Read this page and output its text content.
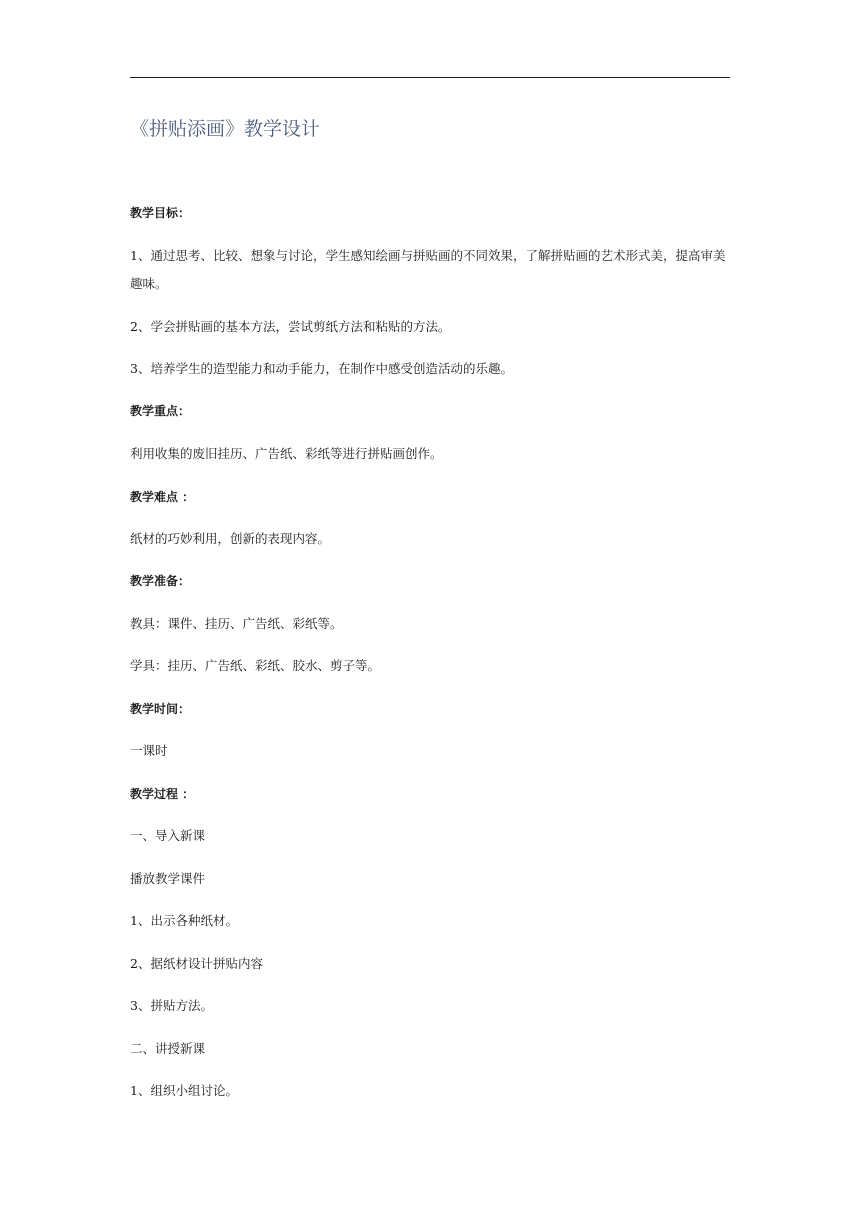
《拼贴添画》教学设计

教学目标：

1、通过思考、比较、想象与讨论，学生感知绘画与拼贴画的不同效果，了解拼贴画的艺术形式美，提高审美趣味。

2、学会拼贴画的基本方法，尝试剪纸方法和粘贴的方法。

3、培养学生的造型能力和动手能力，在制作中感受创造活动的乐趣。

教学重点：

利用收集的废旧挂历、广告纸、彩纸等进行拼贴画创作。

教学难点 ：

纸材的巧妙利用，创新的表现内容。

教学准备：

教具：课件、挂历、广告纸、彩纸等。

学具：挂历、广告纸、彩纸、胶水、剪子等。

教学时间：

一课时

教学过程 ：

一、导入新课

播放教学课件

1、出示各种纸材。

2、据纸材设计拼贴内容

3、拼贴方法。

二、讲授新课

1、组织小组讨论。
